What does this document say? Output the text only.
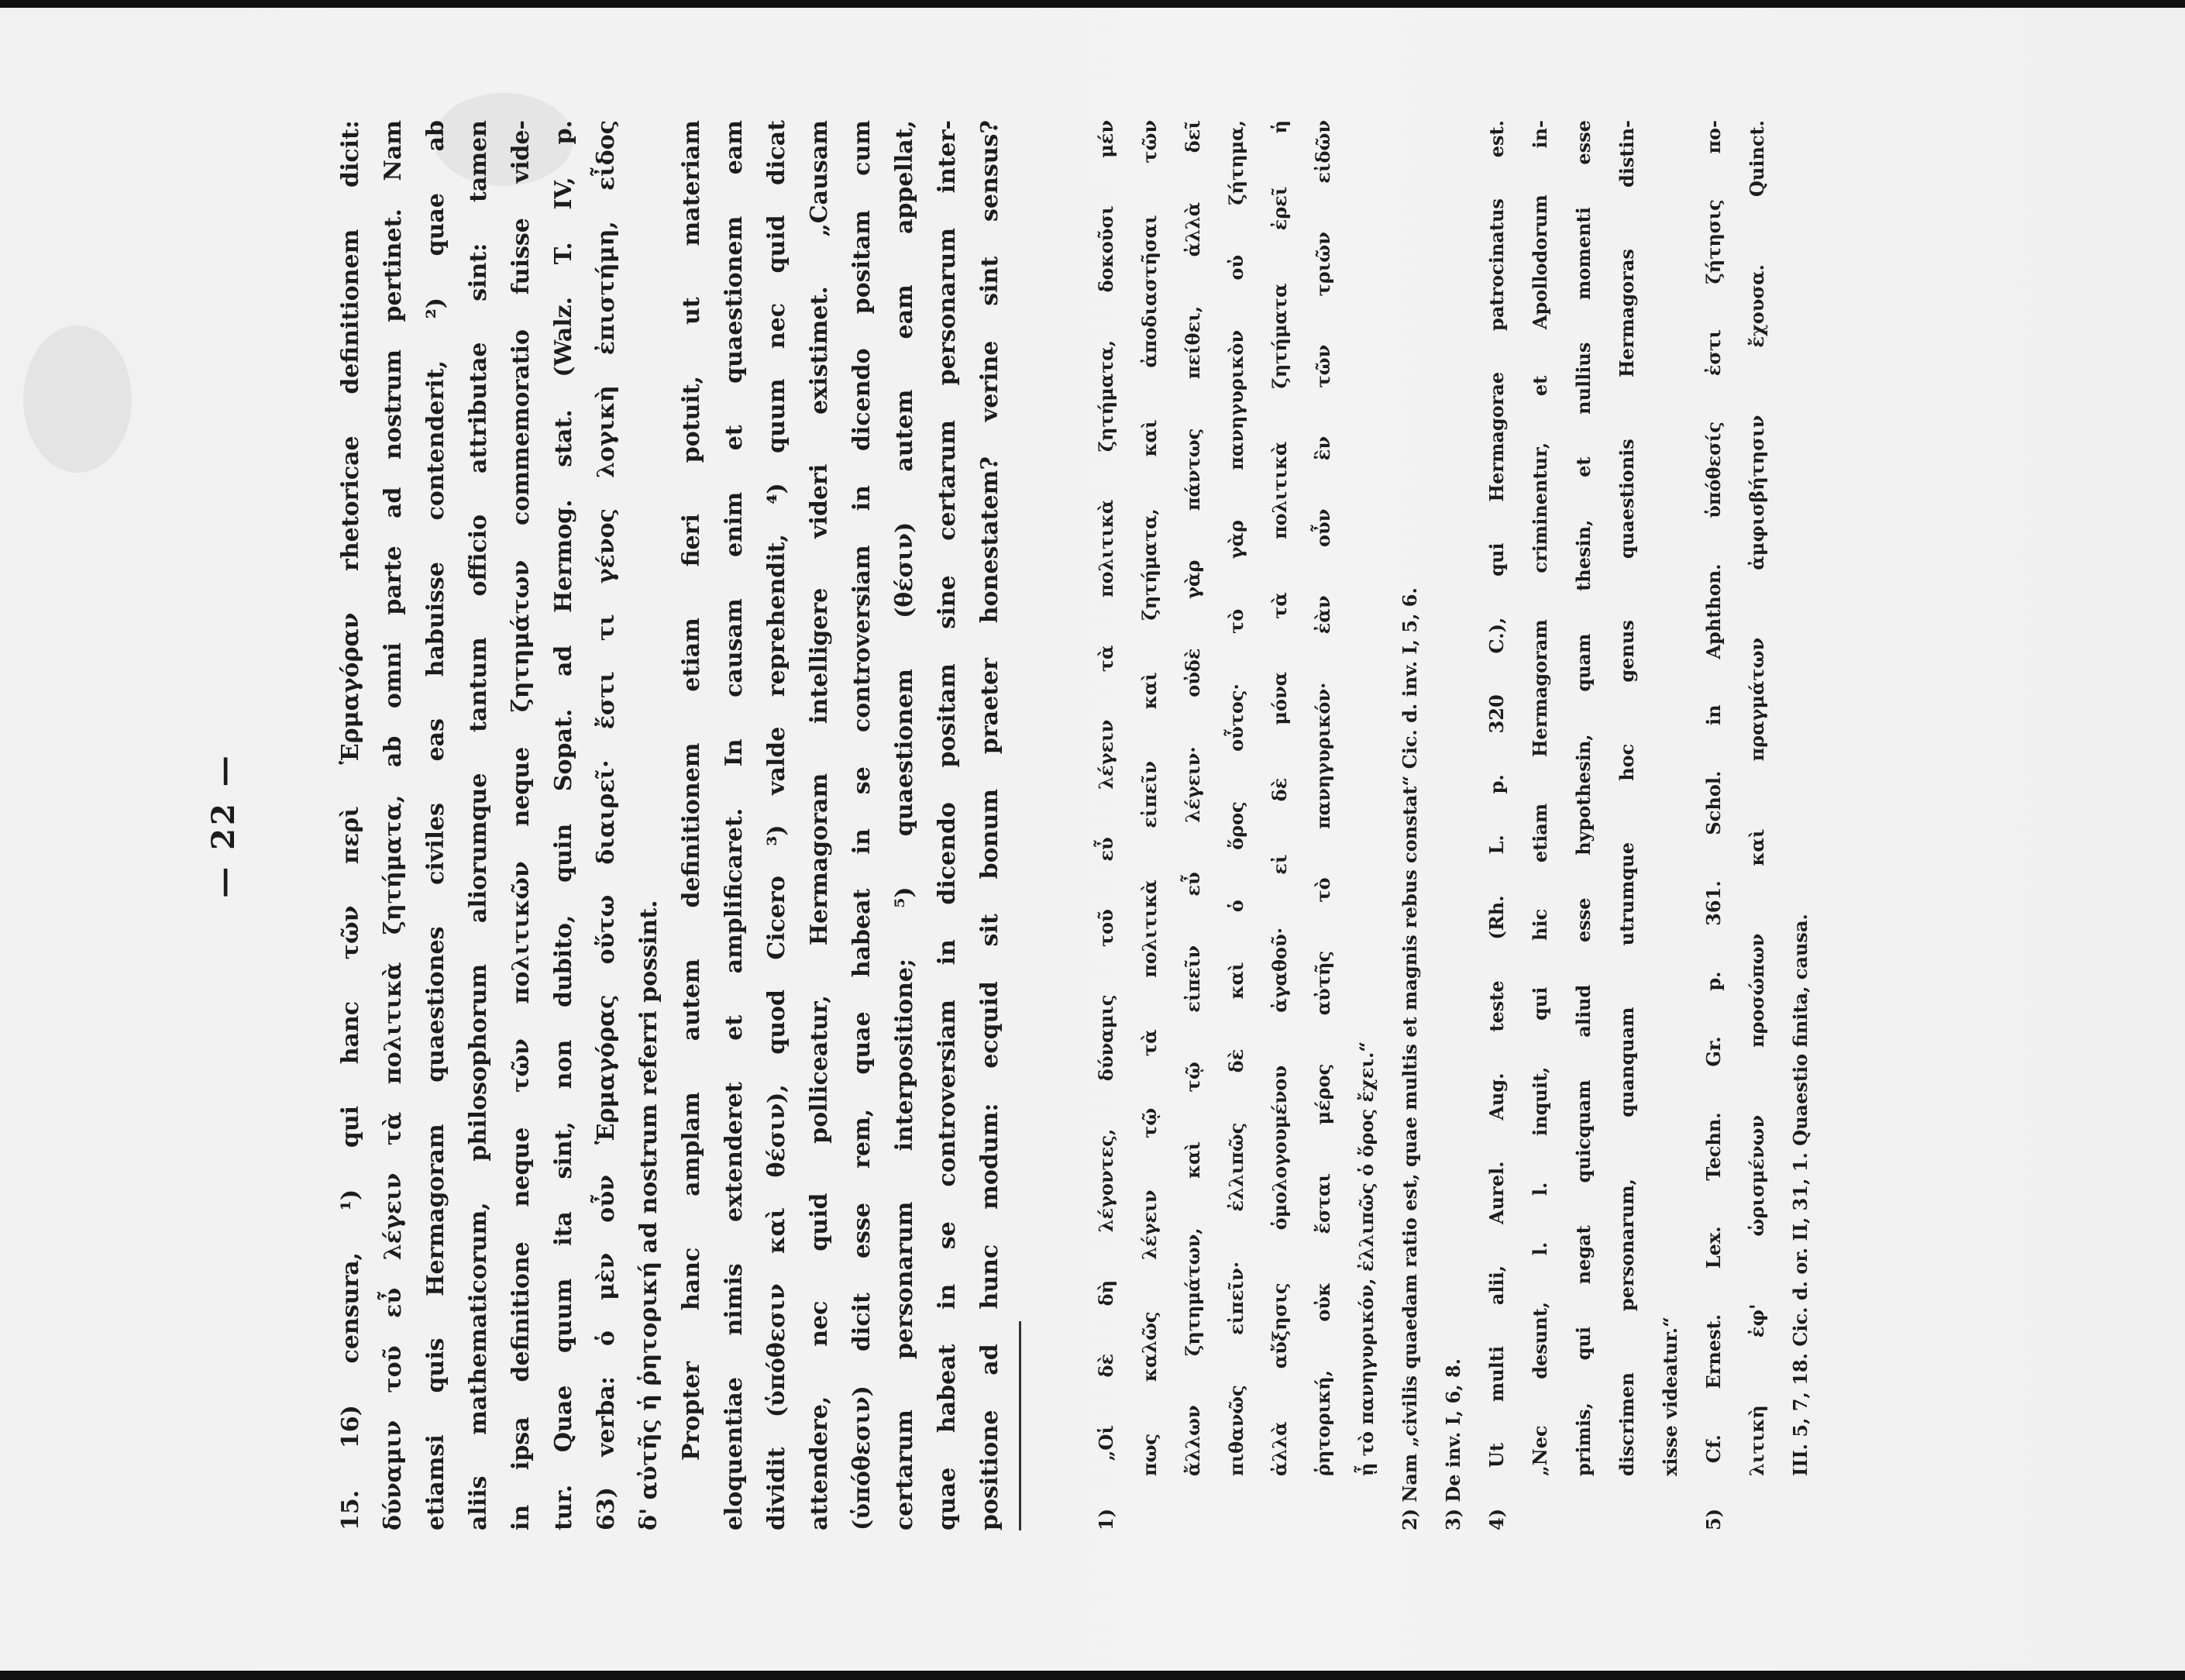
— 22 —	15. 16) censura, ¹) qui hanc τῶν περὶ Ἑρμαγόραν rhetoricae definitionem dicit: δύναμιν τοῦ εὖ λέγειν τὰ πολιτικὰ ζητήματα, ab omni parte ad nostrum pertinet. Nam etiamsi quis Hermagoram quaestiones civiles eas habuisse contenderit, ²) quae ab aliis mathematicorum, philosophorum aliorumque tantum officio attributae sint: tamen in ipsa definitione neque τῶν πολιτικῶν neque ζητημάτων commemoratio fuisse vide- tur. Quae quum ita sint, non dubito, quin Sopat. ad Hermog. stat. (Walz. T. IV, p. 63) verba: ὁ μὲν οὖν Ἑρμαγόρας οὕτω διαιρεῖ· ἔστι τι γένος λογικὴ ἐπιστήμη, εἶδος δ' αὐτῆς ἡ ῥητορική ad nostrum referri possint. Propter hanc amplam autem definitionem etiam fieri potuit, ut materiam eloquentiae nimis extenderet et amplificaret. In causam enim et quaestionem eam dividit (ὑπόθεσιν καὶ θέσιν), quod Cicero ³) valde reprehendit, ⁴) quum nec quid dicat attendere, nec quid polliceatur, Hermagoram intelligere videri existimet. „Causam (ὑπόθεσιν) dicit esse rem, quae habeat in se controversiam in dicendo positam cum certarum personarum interpositione; ⁵) quaestionem (θέσιν) autem eam appellat, quae habeat in se controversiam in dicendo positam sine certarum personarum inter- positione ad hunc modum: ecquid sit bonum praeter honestatem? verine sint sensus?	1) „Οἱ δὲ δὴ λέγοντες, δύναμις τοῦ εὖ λέγειν τὰ πολιτικὰ ζητήματα, δοκοῦσι μέν	πως καλῶς λέγειν τῷ τὰ πολιτικὰ εἰπεῖν καὶ ζητήματα, καὶ ἀποδιαστῆσαι τῶν	ἄλλων ζητημάτων, καὶ τῷ εἰπεῖν εὖ λέγειν· οὐδὲ γὰρ πάντως πείθει, ἀλλὰ δεῖ	πιθανῶς εἰπεῖν· ἐλλιπῶς δὲ καὶ ὁ ὅρος οὗτος· τὸ γὰρ πανηγυρικὸν οὐ ζήτημα,	ἀλλὰ αὔξησις ὁμολογουμένου ἀγαθοῦ· εἰ δὲ μόνα τὰ πολιτικὰ ζητήματα ἐρεῖ ἡ	ῥητορική, οὐκ ἔσται μέρος αὐτῆς τὸ πανηγυρικόν· ἐὰν οὖν ἓν τῶν τριῶν εἰδῶν	ᾖ τὸ πανηγυρικόν, ἐλλιπῶς ὁ ὅρος ἔχει.“	2) Nam „civilis quaedam ratio est, quae multis et magnis rebus constat“ Cic. d. inv. I, 5, 6.	3) De inv. I, 6, 8.	4) Ut multi alii, Aurel. Aug. teste (Rh. L. p. 320 C.), qui Hermagorae patrocinatus est.	„Nec desunt, l. l. inquit, qui hic etiam Hermagoram criminentur, et Apollodorum in-	primis, qui negat quicquam aliud esse hypothesin, quam thesin, et nullius momenti esse	discrimen personarum, quanquam utrumque hoc genus quaestionis Hermagoras distin-	xisse videatur.“	5) Cf. Ernest. Lex. Techn. Gr. p. 361. Schol. in Aphthon. ὑπόθεσίς ἐστι ζήτησις πο-	λιτικὴ ἐφ' ὡρισμένων προσώπων καὶ πραγμάτων ἀμφισβήτησιν ἔχουσα. Quinct.	III. 5, 7, 18. Cic. d. or. II, 31, 1. Quaestio finita, causa.
